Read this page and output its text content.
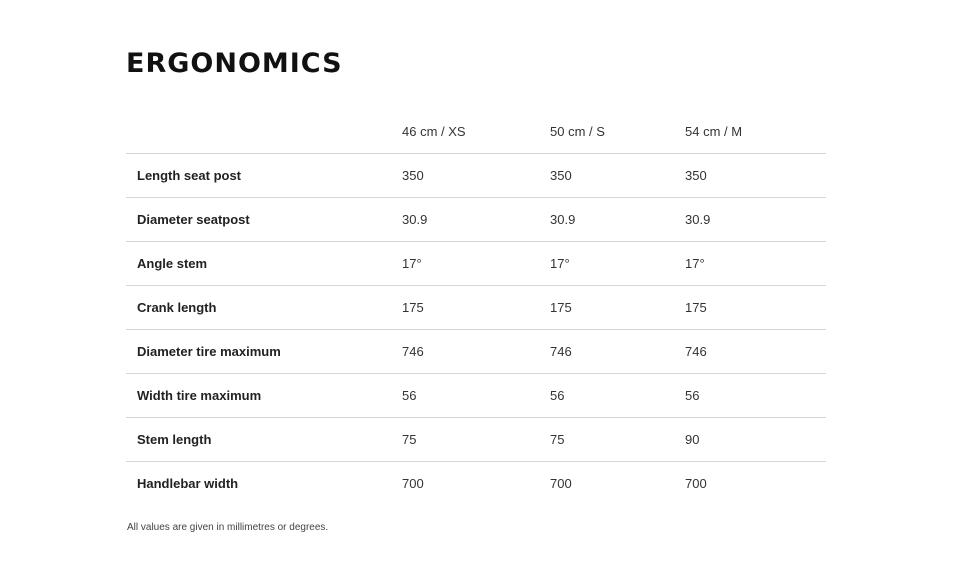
ERGONOMICS
	46 cm / XS	50 cm / S	54 cm / M
Length seat post	350	350	350
Diameter seatpost	30.9	30.9	30.9
Angle stem	17°	17°	17°
Crank length	175	175	175
Diameter tire maximum	746	746	746
Width tire maximum	56	56	56
Stem length	75	75	90
Handlebar width	700	700	700

All values are given in millimetres or degrees.
